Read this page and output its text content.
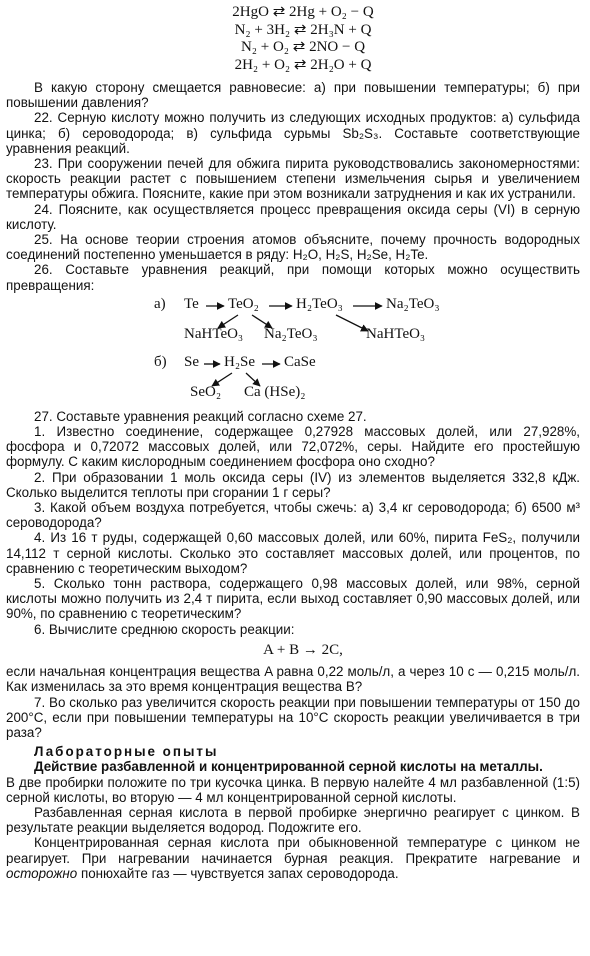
2HgO ⇄ 2Hg + O₂ − Q
N₂ + 3H₂ ⇄ 2H₃N + Q
N₂ + O₂ ⇄ 2NO − Q
2H₂ + O₂ ⇄ 2H₂O + Q

В какую сторону смещается равновесие: а) при повышении температуры; б) при повышении давления?

22. Серную кислоту можно получить из следующих исходных продуктов: а) сульфида цинка; б) сероводорода; в) сульфида сурьмы Sb₂S₃. Составьте соответствующие уравнения реакций.

23. При сооружении печей для обжига пирита руководствовались закономерностями: скорость реакции растет с повышением степени измельчения сырья и увеличением температуры обжига. Поясните, какие при этом возникали затруднения и как их устранили.

24. Поясните, как осуществляется процесс превращения оксида серы (VI) в серную кислоту.

25. На основе теории строения атомов объясните, почему прочность водородных соединений постепенно уменьшается в ряду: H₂O, H₂S, H₂Se, H₂Te.

26. Составьте уравнения реакций, при помощи которых можно осуществить превращения:

а) Te TeO₂ H₂TeO₃	Na₂TeO₃
NaHTeO₃ Na₂TeO₃	NaHTeO₃
б) Se H₂Se CaSe
SeO₂ Ca (HSe)₂

27. Составьте уравнения реакций согласно схеме 27.

1. Известно соединение, содержащее 0,27928 массовых долей, или 27,928%, фосфора и 0,72072 массовых долей, или 72,072%, серы. Найдите его простейшую формулу. С каким кислородным соединением фосфора оно сходно?

2. При образовании 1 моль оксида серы (IV) из элементов выделяется 332,8 кДж. Сколько выделится теплоты при сгорании 1 г серы?

3. Какой объем воздуха потребуется, чтобы сжечь: а) 3,4 кг сероводорода; б) 6500 м³ сероводорода?

4. Из 16 т руды, содержащей 0,60 массовых долей, или 60%, пирита FeS₂, получили 14,112 т серной кислоты. Сколько это составляет массовых долей, или процентов, по сравнению с теоретическим выходом?

5. Сколько тонн раствора, содержащего 0,98 массовых долей, или 98%, серной кислоты можно получить из 2,4 т пирита, если выход составляет 0,90 массовых долей, или 90%, по сравнению с теоретическим?

6. Вычислите среднюю скорость реакции:

A + B → 2C,

если начальная концентрация вещества A равна 0,22 моль/л, а через 10 с — 0,215 моль/л. Как изменилась за это время концентрация вещества B?

7. Во сколько раз увеличится скорость реакции при повышении температуры от 150 до 200°C, если при повышении температуры на 10°C скорость реакции увеличивается в три раза?

Лабораторные опыты

Действие разбавленной и концентрированной серной кислоты на металлы.

В две пробирки положите по три кусочка цинка. В первую налейте 4 мл разбавленной (1:5) серной кислоты, во вторую — 4 мл концентрированной серной кислоты.

Разбавленная серная кислота в первой пробирке энергично реагирует с цинком. В результате реакции выделяется водород. Подожгите его.

Концентрированная серная кислота при обыкновенной температуре с цинком не реагирует. При нагревании начинается бурная реакция. Прекратите нагревание и осторожно понюхайте газ — чувствуется запах сероводорода.
